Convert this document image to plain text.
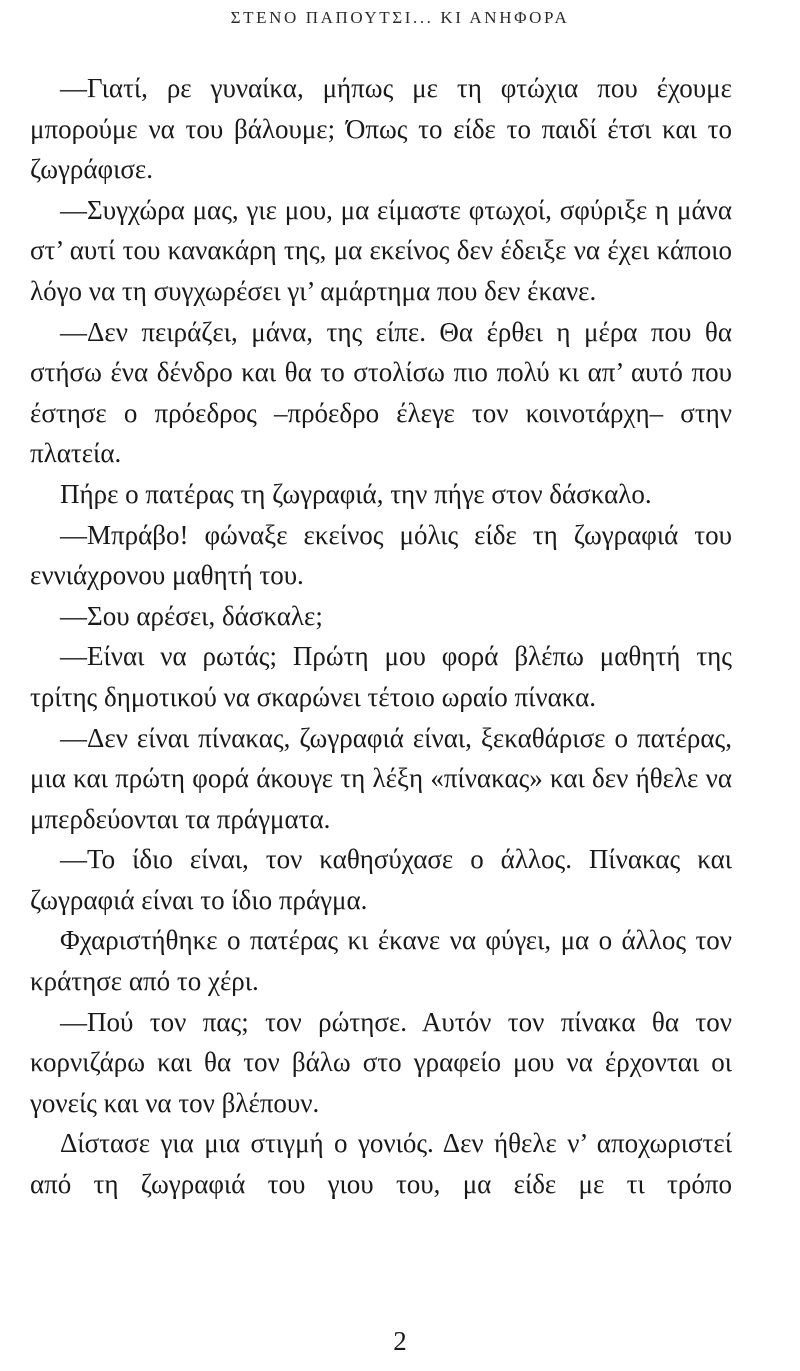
ΣΤΕΝΟ ΠΑΠΟΥΤΣΙ... ΚΙ ΑΝΗΦΟΡΑ

—Γιατί, ρε γυναίκα, μήπως με τη φτώχια που έχουμε μπορούμε να του βάλουμε; Όπως το είδε το παιδί έτσι και το ζωγράφισε.

—Συγχώρα μας, γιε μου, μα είμαστε φτωχοί, σφύριξε η μάνα στ’ αυτί του κανακάρη της, μα εκείνος δεν έδειξε να έχει κάποιο λόγο να τη συγχωρέσει γι’ αμάρτημα που δεν έκανε.

—Δεν πειράζει, μάνα, της είπε. Θα έρθει η μέρα που θα στήσω ένα δένδρο και θα το στολίσω πιο πολύ κι απ’ αυτό που έστησε ο πρόεδρος –πρόεδρο έλεγε τον κοινοτάρχη– στην πλατεία.

Πήρε ο πατέρας τη ζωγραφιά, την πήγε στον δάσκαλο.

—Μπράβο! φώναξε εκείνος μόλις είδε τη ζωγραφιά του εννιάχρονου μαθητή του.

—Σου αρέσει, δάσκαλε;

—Είναι να ρωτάς; Πρώτη μου φορά βλέπω μαθητή της τρίτης δημοτικού να σκαρώνει τέτοιο ωραίο πίνακα.

—Δεν είναι πίνακας, ζωγραφιά είναι, ξεκαθάρισε ο πατέρας, μια και πρώτη φορά άκουγε τη λέξη «πίνακας» και δεν ήθελε να μπερδεύονται τα πράγματα.

—Το ίδιο είναι, τον καθησύχασε ο άλλος. Πίνακας και ζωγραφιά είναι το ίδιο πράγμα.

Φχαριστήθηκε ο πατέρας κι έκανε να φύγει, μα ο άλλος τον κράτησε από το χέρι.

—Πού τον πας; τον ρώτησε. Αυτόν τον πίνακα θα τον κορνιζάρω και θα τον βάλω στο γραφείο μου να έρχονται οι γονείς και να τον βλέπουν.

Δίστασε για μια στιγμή ο γονιός. Δεν ήθελε ν’ αποχωριστεί από τη ζωγραφιά του γιου του, μα είδε με τι τρόπο

2
